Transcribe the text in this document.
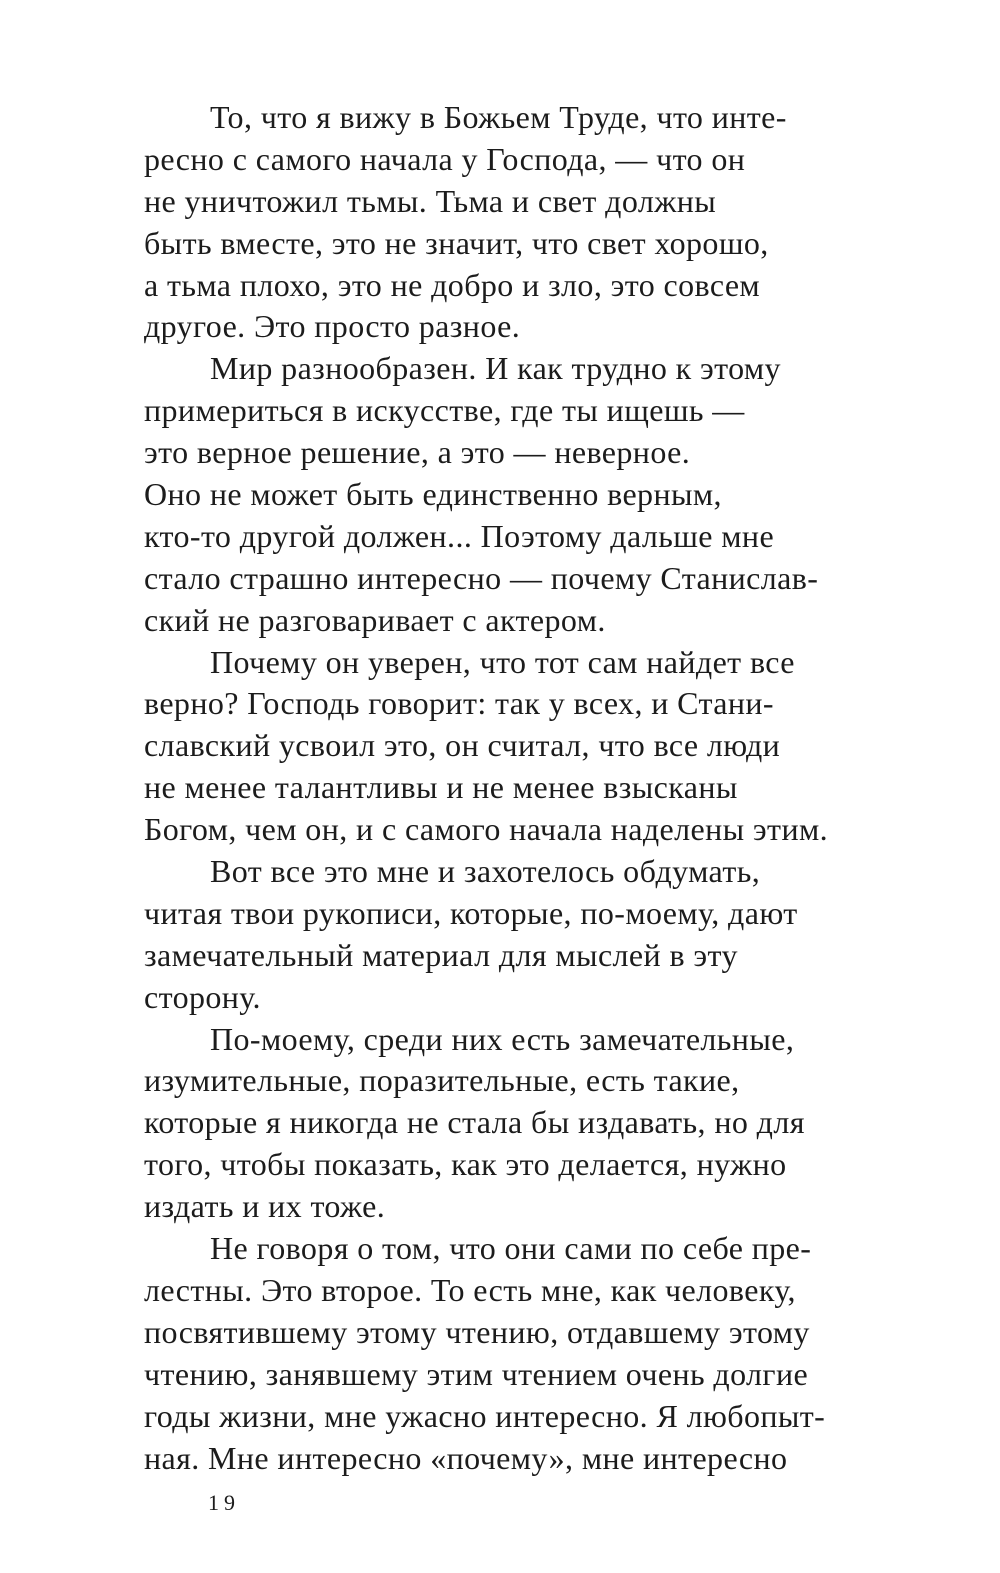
То, что я вижу в Божьем Труде, что инте-
ресно с самого начала у Господа, — что он
не уничтожил тьмы. Тьма и свет должны
быть вместе, это не значит, что свет хорошо,
а тьма плохо, это не добро и зло, это совсем
другое. Это просто разное.
Мир разнообразен. И как трудно к этому
примериться в искусстве, где ты ищешь —
это верное решение, а это — неверное.
Оно не может быть единственно верным,
кто-то другой должен... Поэтому дальше мне
стало страшно интересно — почему Станислав-
ский не разговаривает с актером.
Почему он уверен, что тот сам найдет все
верно? Господь говорит: так у всех, и Стани-
славский усвоил это, он считал, что все люди
не менее талантливы и не менее взысканы
Богом, чем он, и с самого начала наделены этим.
Вот все это мне и захотелось обдумать,
читая твои рукописи, которые, по-моему, дают
замечательный материал для мыслей в эту
сторону.
По-моему, среди них есть замечательные,
изумительные, поразительные, есть такие,
которые я никогда не стала бы издавать, но для
того, чтобы показать, как это делается, нужно
издать и их тоже.
Не говоря о том, что они сами по себе пре-
лестны. Это второе. То есть мне, как человеку,
посвятившему этому чтению, отдавшему этому
чтению, занявшему этим чтением очень долгие
годы жизни, мне ужасно интересно. Я любопыт-
ная. Мне интересно «почему», мне интересно
19
